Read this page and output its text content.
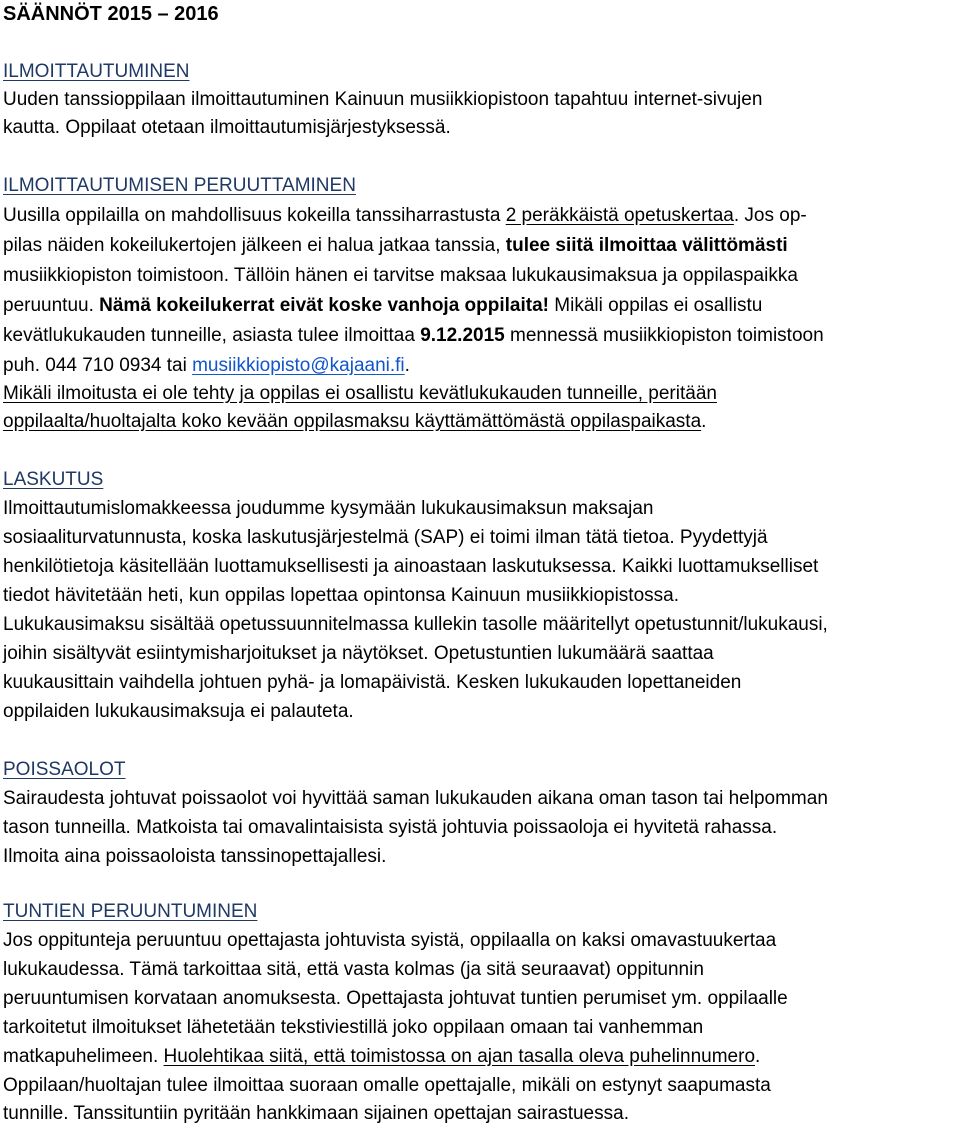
SÄÄNNÖT 2015 – 2016
ILMOITTAUTUMINEN
Uuden tanssioppilaan ilmoittautuminen Kainuun musiikkiopistoon tapahtuu internet-sivujen
kautta. Oppilaat otetaan ilmoittautumisjärjestyksessä.
ILMOITTAUTUMISEN PERUUTTAMINEN
Uusilla oppilailla on mahdollisuus kokeilla tanssiharrastusta 2 peräkkäistä opetuskertaa. Jos op-
pilas näiden kokeilukertojen jälkeen ei halua jatkaa tanssia, tulee siitä ilmoittaa välittömästi
musiikkiopiston toimistoon. Tällöin hänen ei tarvitse maksaa lukukausimaksua ja oppilaspaikka
peruuntuu. Nämä kokeilukerrat eivät koske vanhoja oppilaita! Mikäli oppilas ei osallistu
kevätlukukauden tunneille, asiasta tulee ilmoittaa 9.12.2015 mennessä musiikkiopiston toimistoon
puh. 044 710 0934 tai musiikkiopisto@kajaani.fi.
Mikäli ilmoitusta ei ole tehty ja oppilas ei osallistu kevätlukukauden tunneille, peritään
oppilaalta/huoltajalta koko kevään oppilasmaksu käyttämättömästä oppilaspaikasta.
LASKUTUS
Ilmoittautumislomakkeessa joudumme kysymään lukukausimaksun maksajan
sosiaaliturvatunnusta, koska laskutusjärjestelmä (SAP) ei toimi ilman tätä tietoa. Pyydettyjä
henkilötietoja käsitellään luottamuksellisesti ja ainoastaan laskutuksessa. Kaikki luottamukselliset
tiedot hävitetään heti, kun oppilas lopettaa opintonsa Kainuun musiikkiopistossa.
Lukukausimaksu sisältää opetussuunnitelmassa kullekin tasolle määritellyt opetustunnit/lukukausi,
joihin sisältyvät esiintymisharjoitukset ja näytökset. Opetustuntien lukumäärä saattaa
kuukausittain vaihdella johtuen pyhä- ja lomapäivistä. Kesken lukukauden lopettaneiden
oppilaiden lukukausimaksuja ei palauteta.
POISSAOLOT
Sairaudesta johtuvat poissaolot voi hyvittää saman lukukauden aikana oman tason tai helpomman
tason tunneilla. Matkoista tai omavalintaisista syistä johtuvia poissaoloja ei hyvitetä rahassa.
Ilmoita aina poissaoloista tanssinopettajallesi.
TUNTIEN PERUUNTUMINEN
Jos oppitunteja peruuntuu opettajasta johtuvista syistä, oppilaalla on kaksi omavastuukertaa
lukukaudessa. Tämä tarkoittaa sitä, että vasta kolmas (ja sitä seuraavat) oppitunnin
peruuntumisen korvataan anomuksesta. Opettajasta johtuvat tuntien perumiset ym. oppilaalle
tarkoitetut ilmoitukset lähetetään tekstiviestillä joko oppilaan omaan tai vanhemman
matkapuhelimeen. Huolehtikaa siitä, että toimistossa on ajan tasalla oleva puhelinnumero.
Oppilaan/huoltajan tulee ilmoittaa suoraan omalle opettajalle, mikäli on estynyt saapumasta
tunnille. Tanssituntiin pyritään hankkimaan sijainen opettajan sairastuessa.
